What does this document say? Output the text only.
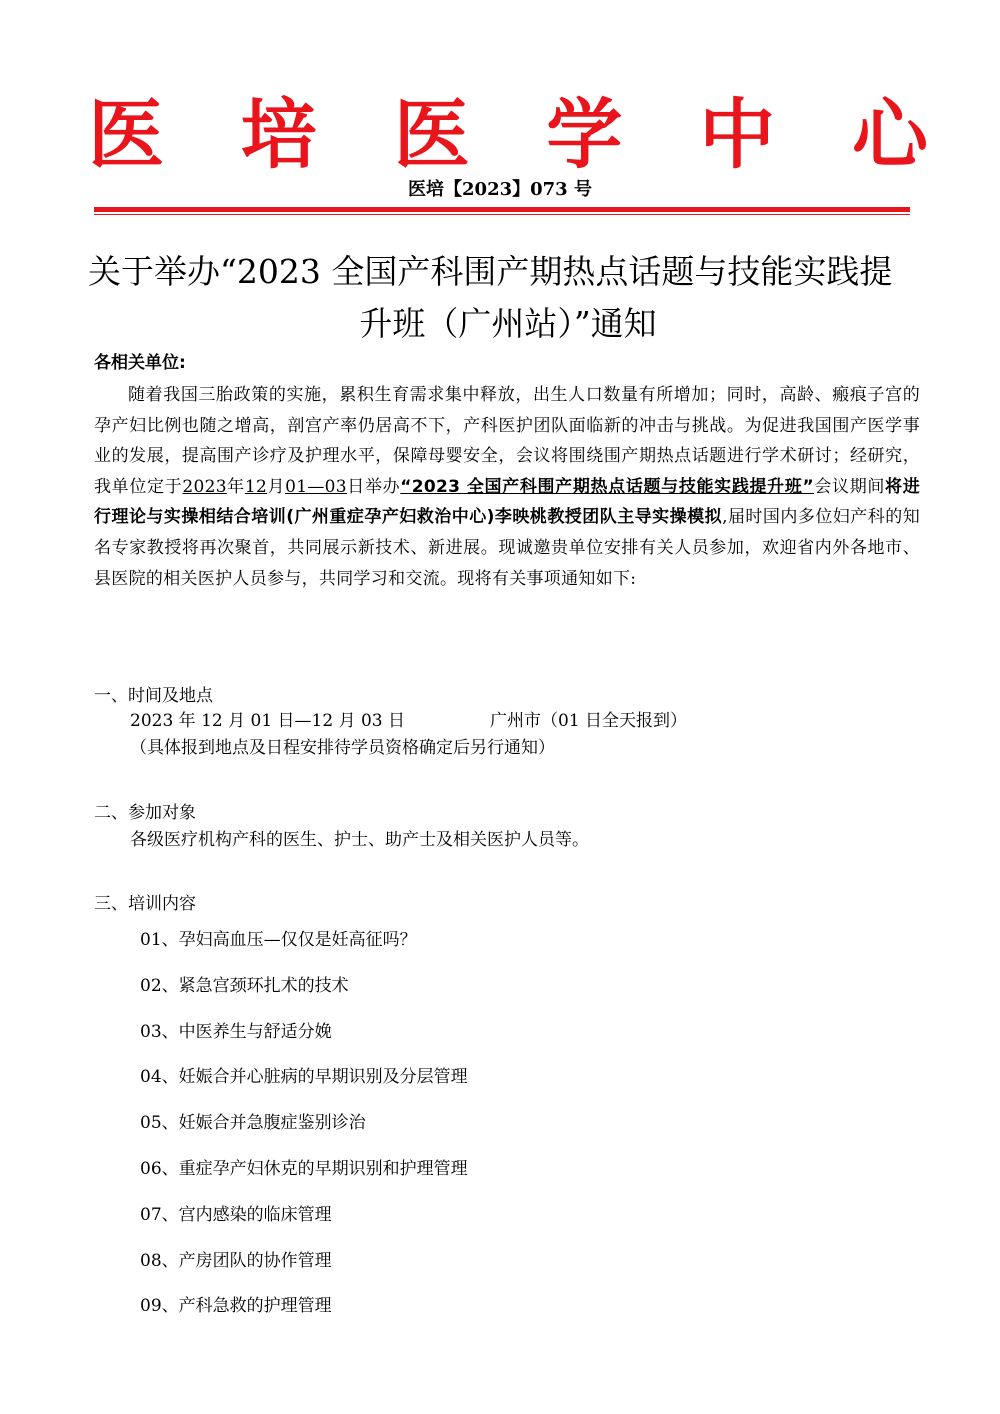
医 培 医 学 中 心
医培【2023】073 号
关于举办“2023 全国产科围产期热点话题与技能实践提
升班（广州站）”通知
各相关单位:
随着我国三胎政策的实施，累积生育需求集中释放，出生人口数量有所增加；同时，高龄、瘢痕子宫的孕产妇比例也随之增高，剖宫产率仍居高不下，产科医护团队面临新的冲击与挑战。为促进我国围产医学事业的发展，提高围产诊疗及护理水平，保障母婴安全，会议将围绕围产期热点话题进行学术研讨；经研究，我单位定于2023年12月01—03日举办“2023 全国产科围产期热点话题与技能实践提升班”会议期间将进行理论与实操相结合培训(广州重症孕产妇救治中心)李映桃教授团队主导实操模拟,届时国内多位妇产科的知名专家教授将再次聚首，共同展示新技术、新进展。现诚邀贵单位安排有关人员参加，欢迎省内外各地市、县医院的相关医护人员参与，共同学习和交流。现将有关事项通知如下:
一、时间及地点
2023 年 12 月 01 日—12 月 03 日	广州市（01 日全天报到）
（具体报到地点及日程安排待学员资格确定后另行通知）
二、参加对象
各级医疗机构产科的医生、护士、助产士及相关医护人员等。
三、培训内容
01、孕妇高血压—仅仅是妊高征吗？
02、紧急宫颈环扎术的技术
03、中医养生与舒适分娩
04、妊娠合并心脏病的早期识别及分层管理
05、妊娠合并急腹症鉴别诊治
06、重症孕产妇休克的早期识别和护理管理
07、宫内感染的临床管理
08、产房团队的协作管理
09、产科急救的护理管理
